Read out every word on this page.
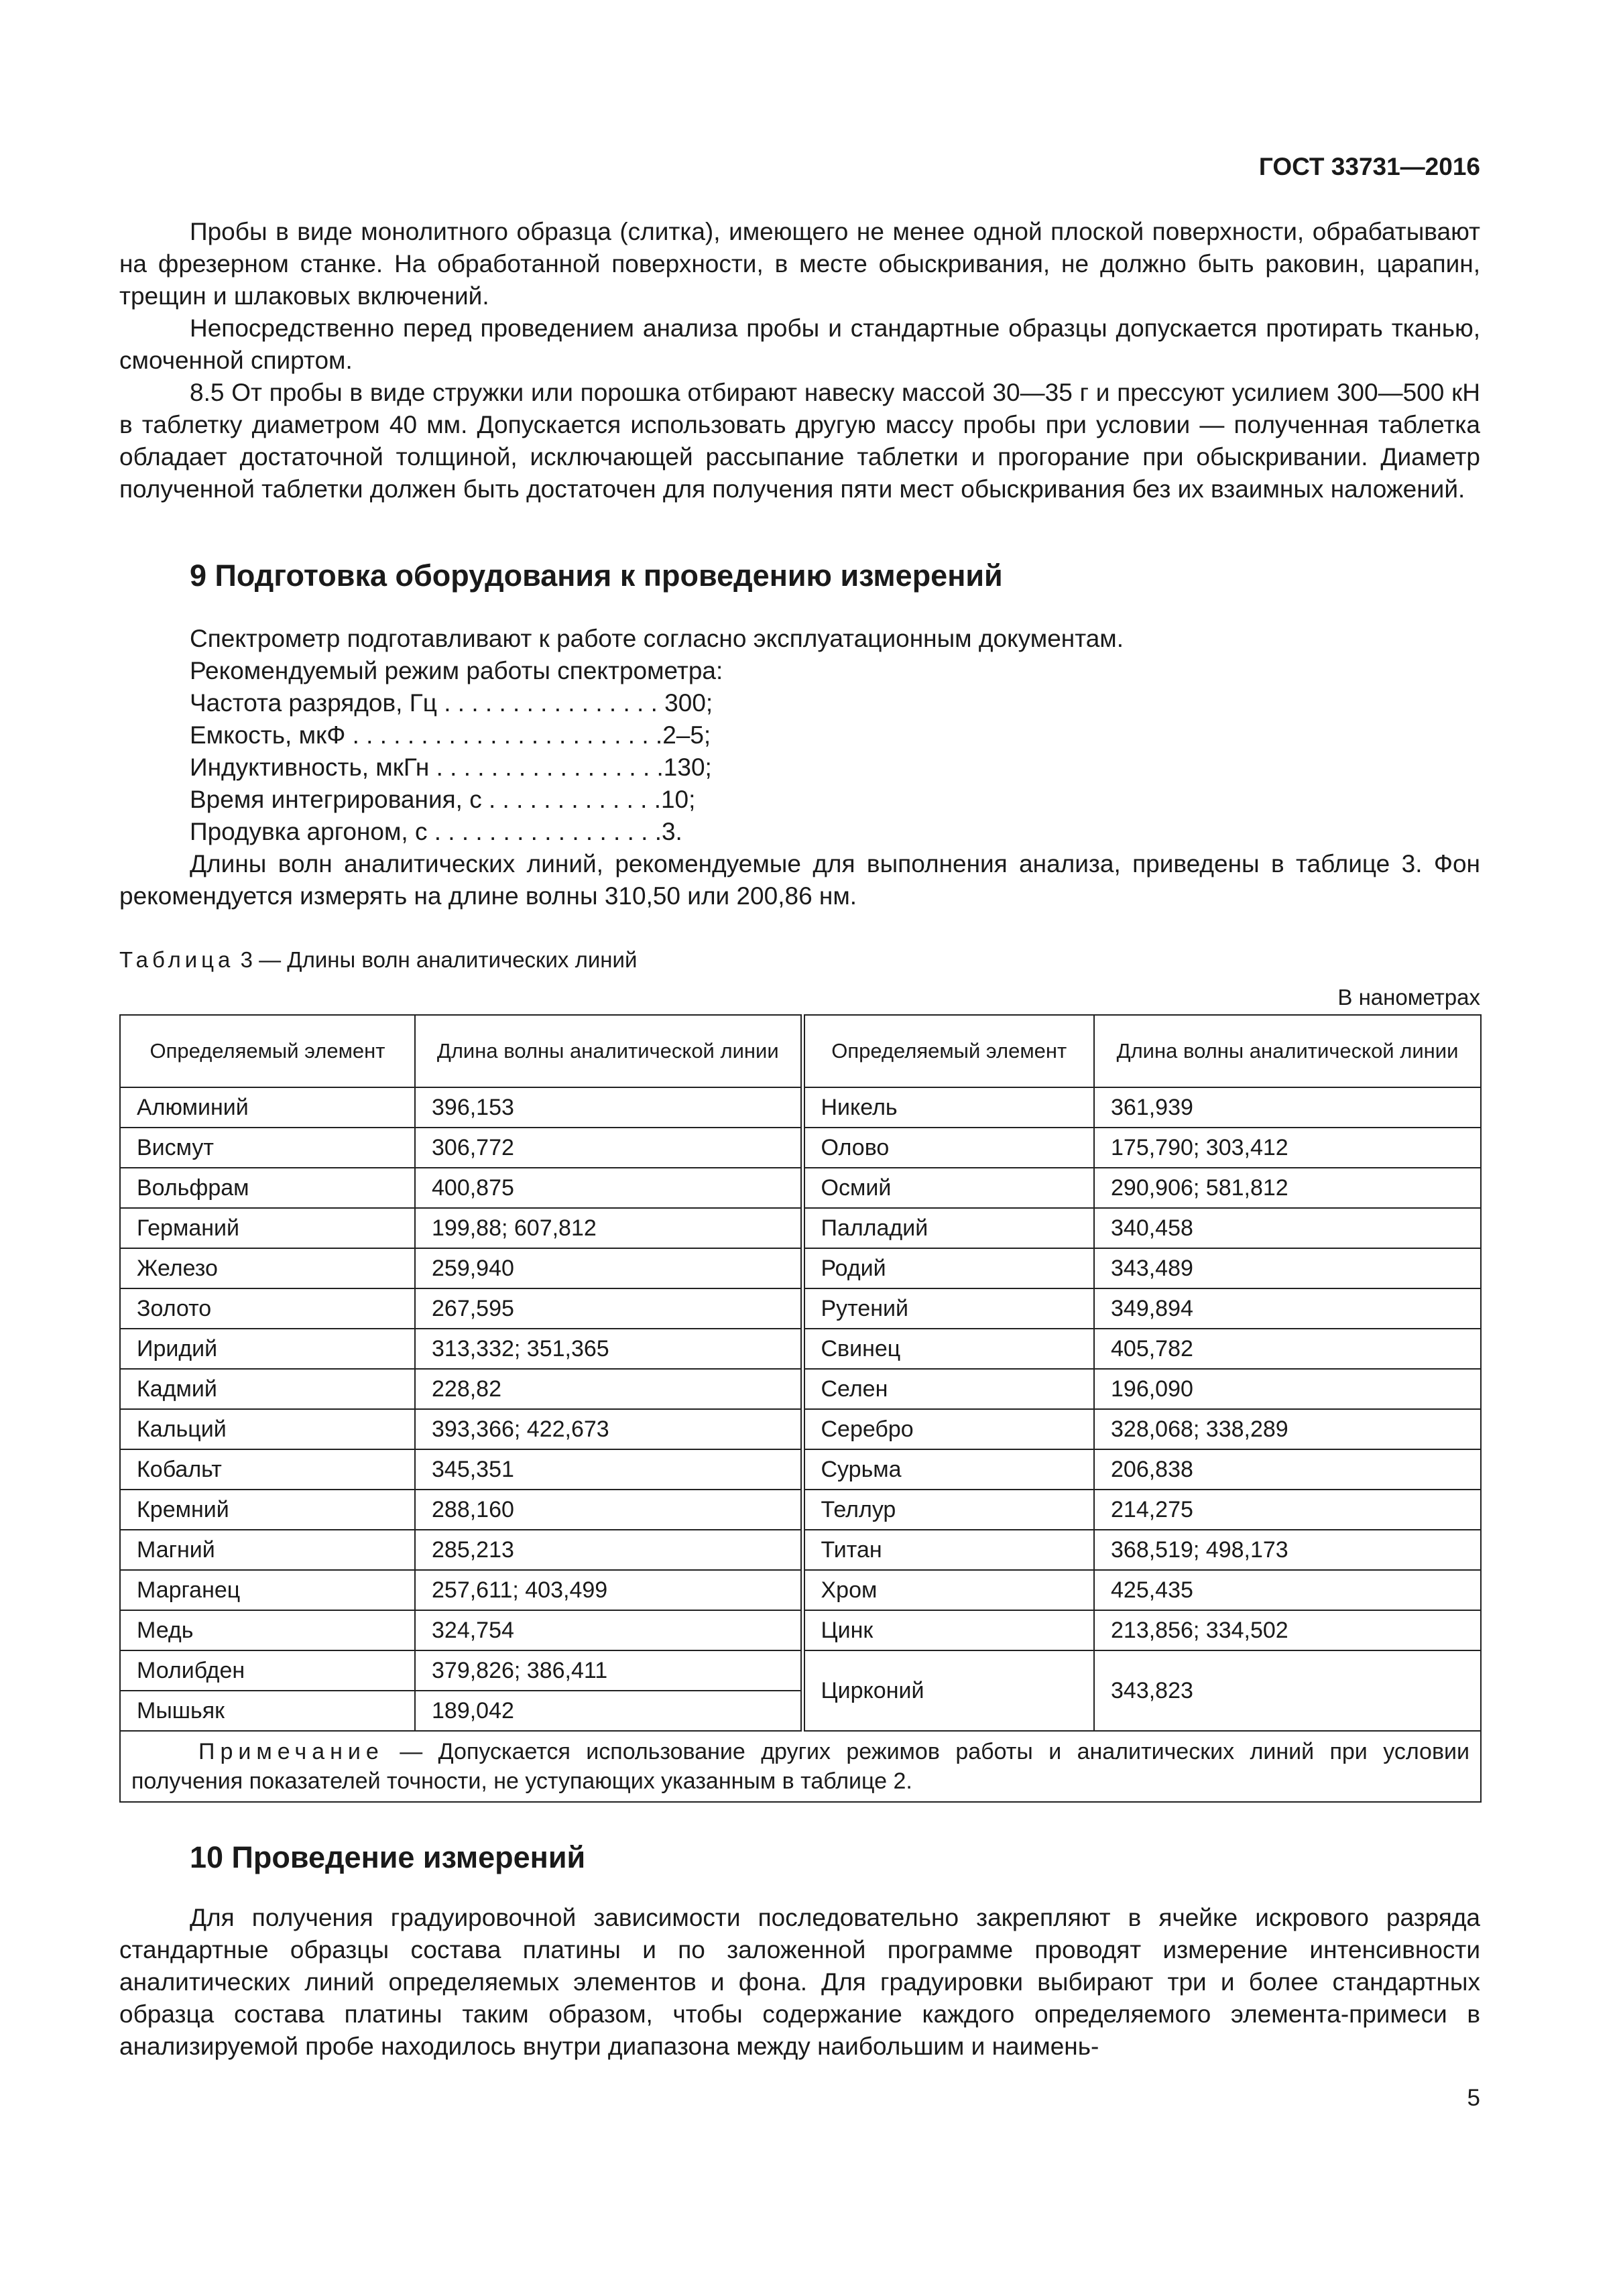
ГОСТ 33731—2016

Пробы в виде монолитного образца (слитка), имеющего не менее одной плоской поверхности, обрабатывают на фрезерном станке. На обработанной поверхности, в месте обыскривания, не должно быть раковин, царапин, трещин и шлаковых включений.

Непосредственно перед проведением анализа пробы и стандартные образцы допускается протирать тканью, смоченной спиртом.

8.5 От пробы в виде стружки или порошка отбирают навеску массой 30—35 г и прессуют усилием 300—500 кН в таблетку диаметром 40 мм. Допускается использовать другую массу пробы при условии — полученная таблетка обладает достаточной толщиной, исключающей рассыпание таблетки и прогорание при обыскривании. Диаметр полученной таблетки должен быть достаточен для получения пяти мест обыскривания без их взаимных наложений.

9 Подготовка оборудования к проведению измерений

Спектрометр подготавливают к работе согласно эксплуатационным документам.

Рекомендуемый режим работы спектрометра:

Частота разрядов, Гц . . . . . . . . . . . . . . . . 300;

Емкость, мкФ . . . . . . . . . . . . . . . . . . . . . . .2–5;

Индуктивность, мкГн . . . . . . . . . . . . . . . . .130;

Время интегрирования, с . . . . . . . . . . . . .10;

Продувка аргоном, с . . . . . . . . . . . . . . . . .3.

Длины волн аналитических линий, рекомендуемые для выполнения анализа, приведены в таблице 3. Фон рекомендуется измерять на длине волны 310,50 или 200,86 нм.

Таблица 3 — Длины волн аналитических линий
В нанометрах
Определяемый элемент	Длина волны аналитической линии	Определяемый элемент	Длина волны аналитической линии
Алюминий	396,153	Никель	361,939
Висмут	306,772	Олово	175,790; 303,412
Вольфрам	400,875	Осмий	290,906; 581,812
Германий	199,88; 607,812	Палладий	340,458
Железо	259,940	Родий	343,489
Золото	267,595	Рутений	349,894
Иридий	313,332; 351,365	Свинец	405,782
Кадмий	228,82	Селен	196,090
Кальций	393,366; 422,673	Серебро	328,068; 338,289
Кобальт	345,351	Сурьма	206,838
Кремний	288,160	Теллур	214,275
Магний	285,213	Титан	368,519; 498,173
Марганец	257,611; 403,499	Хром	425,435
Медь	324,754	Цинк	213,856; 334,502
Молибден	379,826; 386,411	Цирконий	343,823
Мышьяк	189,042		
Примечание — Допускается использование других режимов работы и аналитических линий при условии получения показателей точности, не уступающих указанным в таблице 2.			
10 Проведение измерений

Для получения градуировочной зависимости последовательно закрепляют в ячейке искрового разряда стандартные образцы состава платины и по заложенной программе проводят измерение интенсивности аналитических линий определяемых элементов и фона. Для градуировки выбирают три и более стандартных образца состава платины таким образом, чтобы содержание каждого определяемого элемента-примеси в анализируемой пробе находилось внутри диапазона между наибольшим и наимень-

5
